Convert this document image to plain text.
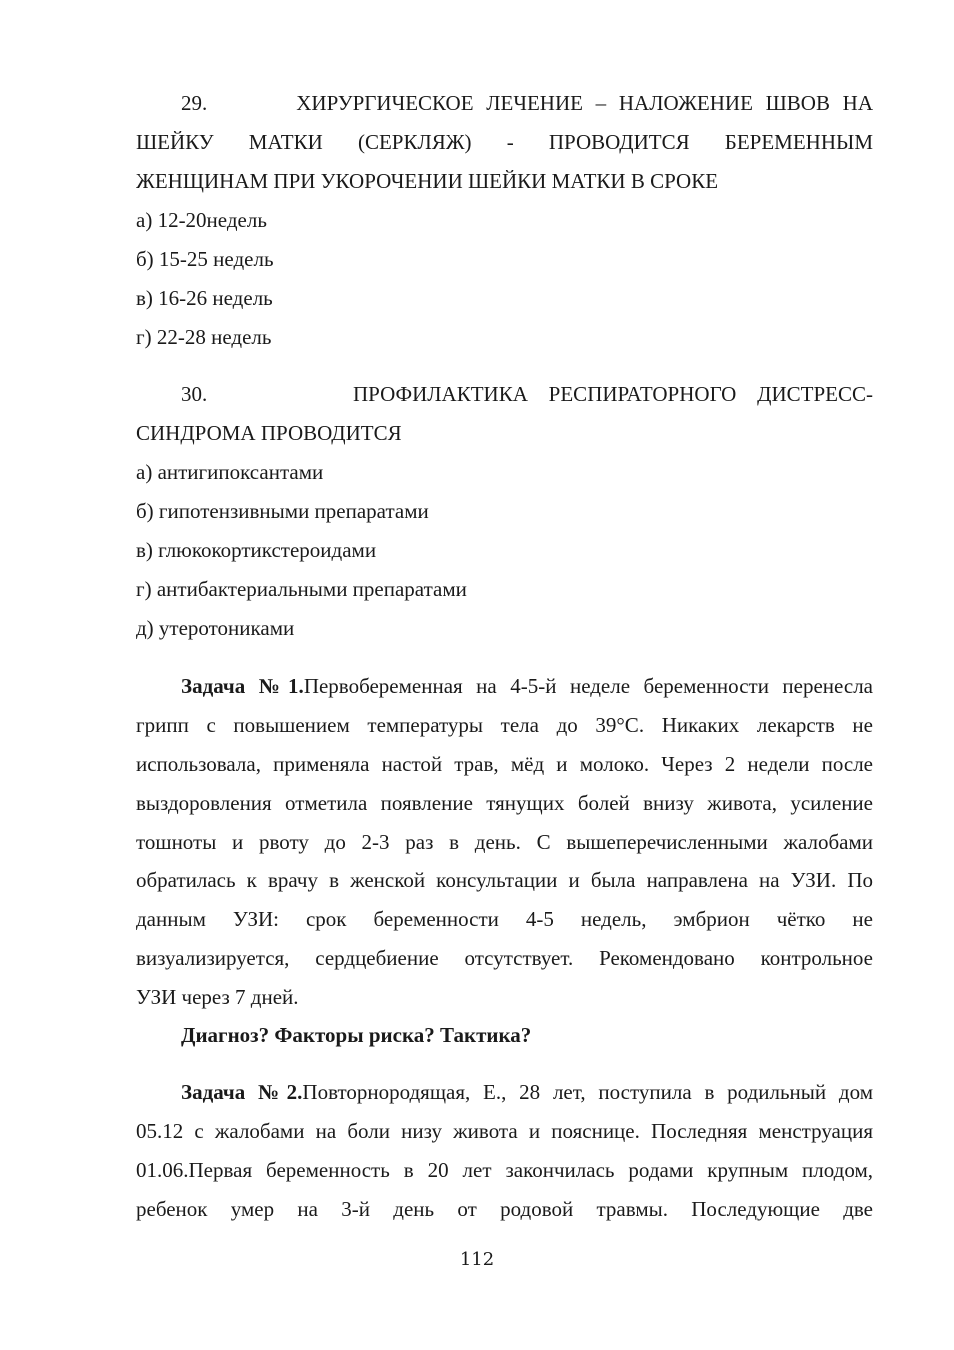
29.	ХИРУРГИЧЕСКОЕ ЛЕЧЕНИЕ – НАЛОЖЕНИЕ ШВОВ НА
ШЕЙКУ МАТКИ (СЕРКЛЯЖ) - ПРОВОДИТСЯ БЕРЕМЕННЫМ
ЖЕНЩИНАМ ПРИ УКОРОЧЕНИИ ШЕЙКИ МАТКИ В СРОКЕ
а) 12-20недель
б) 15-25 недель
в) 16-26 недель
г) 22-28 недель
30.	ПРОФИЛАКТИКА РЕСПИРАТОРНОГО ДИСТРЕСС-
СИНДРОМА ПРОВОДИТСЯ
а) антигипоксантами
б) гипотензивными препаратами
в) глюкокортикстероидами
г) антибактериальными препаратами
д) утеротониками
Задача №1.Первобеременная на 4-5-й неделе беременности перенесла
грипп с повышением температуры тела до 39°С. Никаких лекарств не
использовала, применяла настой трав, мёд и молоко. Через 2 недели после
выздоровления отметила появление тянущих болей внизу живота, усиление
тошноты и рвоту до 2-3 раз в день. С вышеперечисленными жалобами
обратилась к врачу в женской консультации и была направлена на УЗИ. По
данным УЗИ: срок беременности 4-5 недель, эмбрион чётко не
визуализируется, сердцебиение отсутствует. Рекомендовано контрольное
УЗИ через 7 дней.
Диагноз? Факторы риска? Тактика?
Задача №2.Повторнородящая, Е., 28 лет, поступила в родильный дом
05.12 с жалобами на боли низу живота и пояснице. Последняя менструация
01.06.Первая беременность в 20 лет закончилась родами крупным плодом,
ребенок умер на 3-й день от родовой травмы. Последующие две
112
